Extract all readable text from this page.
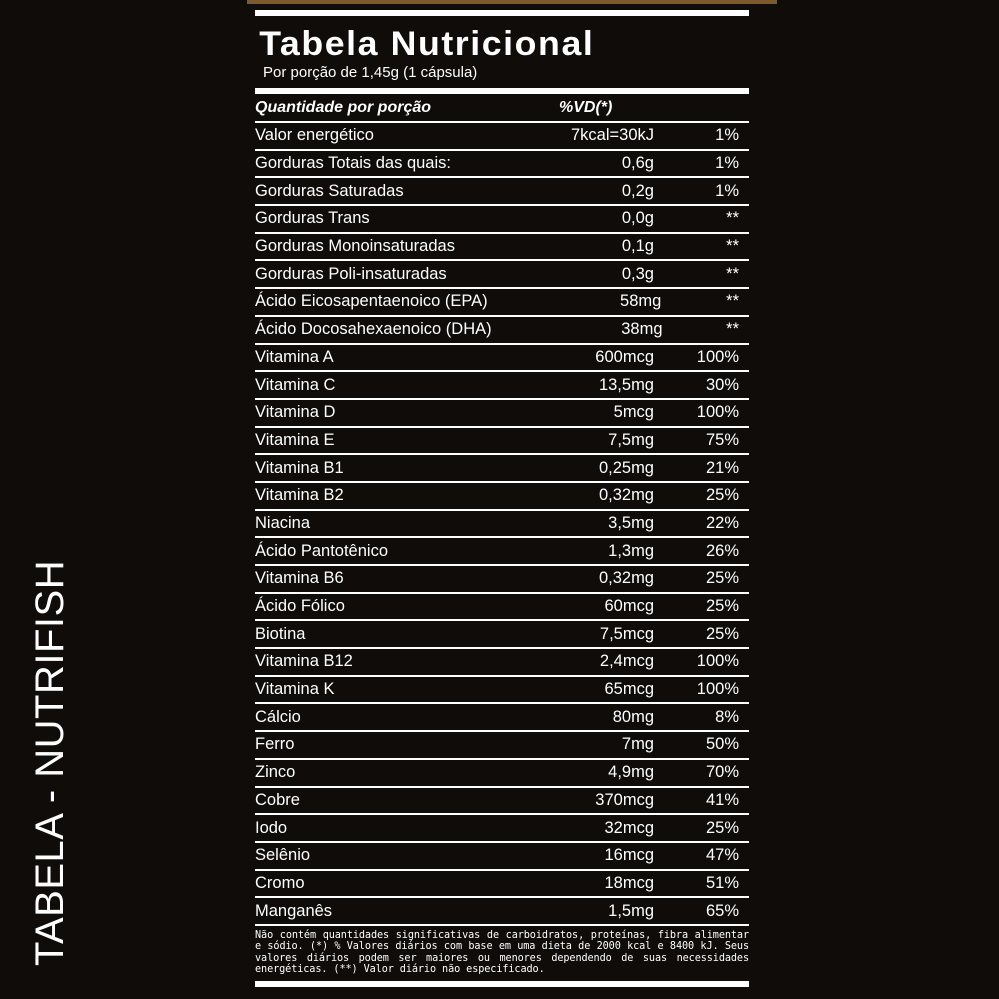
TABELA - NUTRIFISH
Tabela Nutricional
Por porção de 1,45g (1 cápsula)
Quantidade por porção	%VD(*)
Valor energético	7kcal=30kJ	1%
Gorduras Totais das quais:	0,6g	1%
Gorduras Saturadas	0,2g	1%
Gorduras Trans	0,0g	**
Gorduras Monoinsaturadas	0,1g	**
Gorduras Poli-insaturadas	0,3g	**
Ácido Eicosapentaenoico (EPA)	58mg	**
Ácido Docosahexaenoico (DHA)	38mg	**
Vitamina A	600mcg	100%
Vitamina C	13,5mg	30%
Vitamina D	5mcg	100%
Vitamina E	7,5mg	75%
Vitamina B1	0,25mg	21%
Vitamina B2	0,32mg	25%
Niacina	3,5mg	22%
Ácido Pantotênico	1,3mg	26%
Vitamina B6	0,32mg	25%
Ácido Fólico	60mcg	25%
Biotina	7,5mcg	25%
Vitamina B12	2,4mcg	100%
Vitamina K	65mcg	100%
Cálcio	80mg	8%
Ferro	7mg	50%
Zinco	4,9mg	70%
Cobre	370mcg	41%
Iodo	32mcg	25%
Selênio	16mcg	47%
Cromo	18mcg	51%
Manganês	1,5mg	65%
Não contém quantidades significativas de carboidratos, proteínas, fibra alimentar e sódio. (*) % Valores diários com base em uma dieta de 2000 kcal e 8400 kJ. Seus valores diários podem ser maiores ou menores dependendo de suas necessidades energéticas. (**) Valor diário não especificado.
